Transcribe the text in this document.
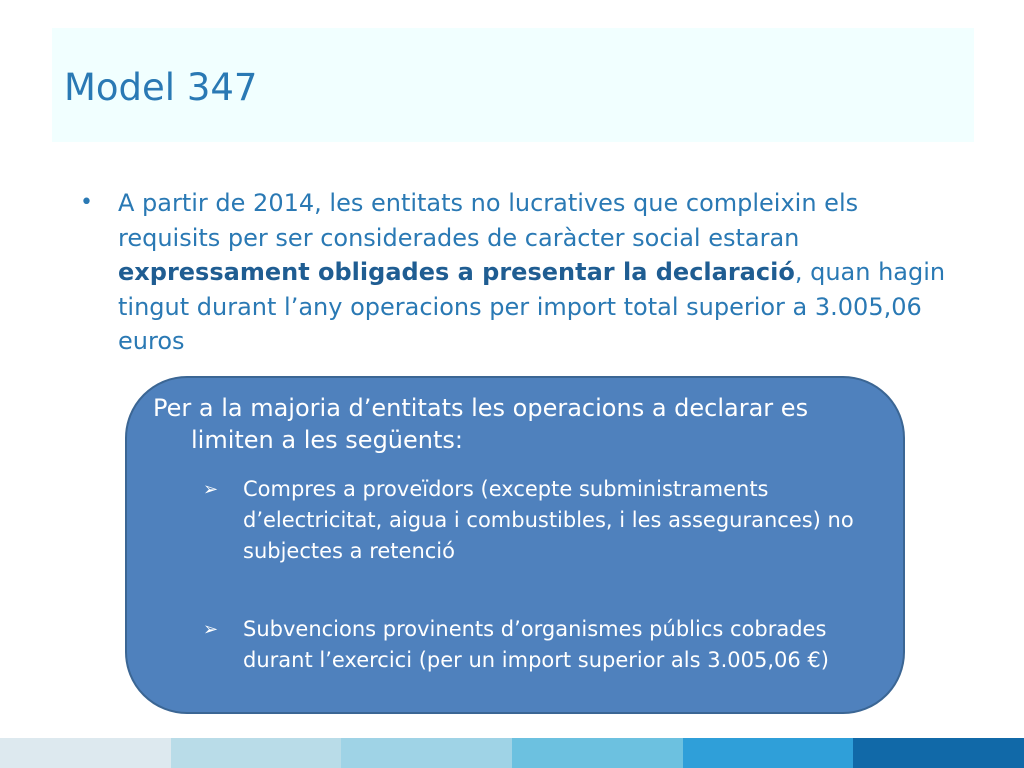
Model 347
• A partir de 2014, les entitats no lucratives que compleixin els requisits per ser considerades de caràcter social estaran expressament obligades a presentar la declaració, quan hagin tingut durant l’any operacions per import total superior a 3.005,06 euros

Per a la majoria d’entitats les operacions a declarar es limiten a les següents:

➢ Compres a proveïdors (excepte subministraments d’electricitat, aigua i combustibles, i les assegurances) no subjectes a retenció

➢ Subvencions provinents d’organismes públics cobrades durant l’exercici (per un import superior als 3.005,06 €)
